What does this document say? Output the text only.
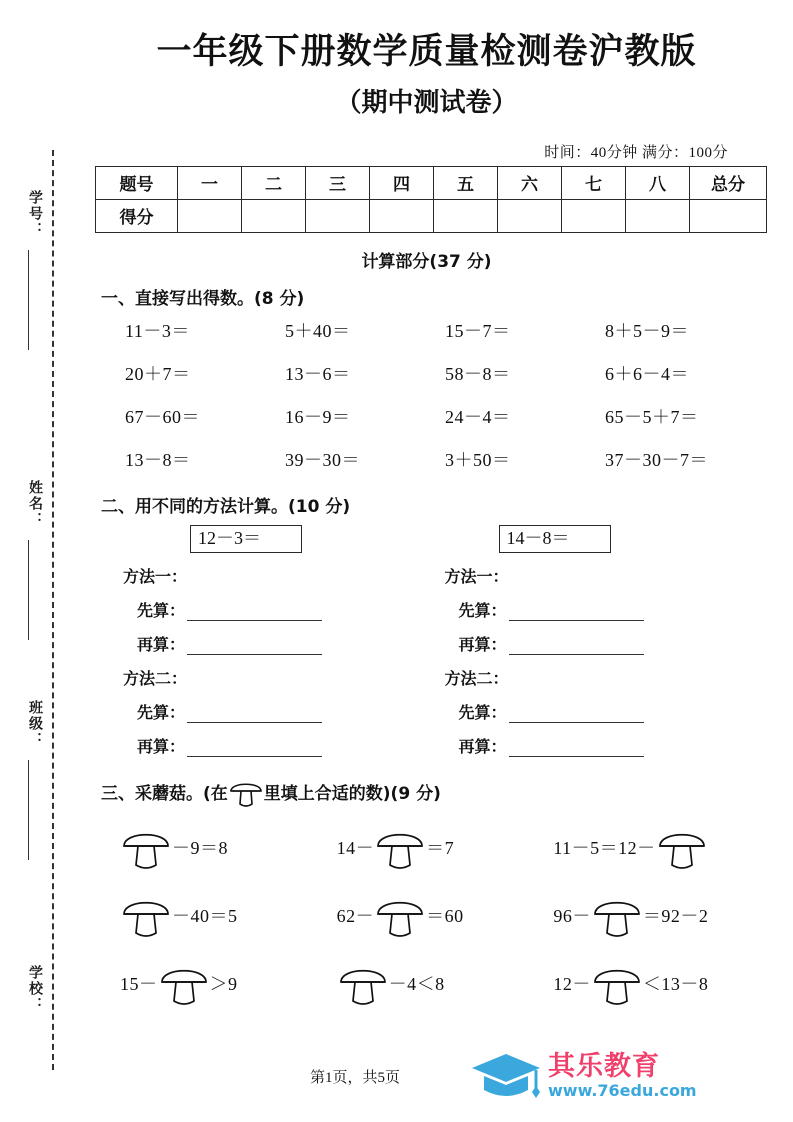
学号：
姓名：
班级：
学校：
一年级下册数学质量检测卷沪教版
（期中测试卷）
时间：40分钟 满分：100分
题号	一	二	三	四	五	六	七	八	总分
得分									
计算部分(37 分)
一、直接写出得数。(8 分)
11－3＝	5＋40＝	15－7＝	8＋5－9＝
20＋7＝	13－6＝	58－8＝	6＋6－4＝
67－60＝	16－9＝	24－4＝	65－5＋7＝
13－8＝	39－30＝	3＋50＝	37－30－7＝
二、用不同的方法计算。(10 分)
12－3＝
方法一：
先算：
再算：
方法二：
先算：
再算：
14－8＝
方法一：
先算：
再算：
方法二：
先算：
再算：
三、采蘑菇。(在 里填上合适的数)(9 分)
－9＝8	14－	＝7	11－5＝12－
－40＝5	62－	＝60	96－	＝92－2
15－	＞9	－4＜8	12－	＜13－8
第1页，共5页	其乐教育
www.76edu.com
